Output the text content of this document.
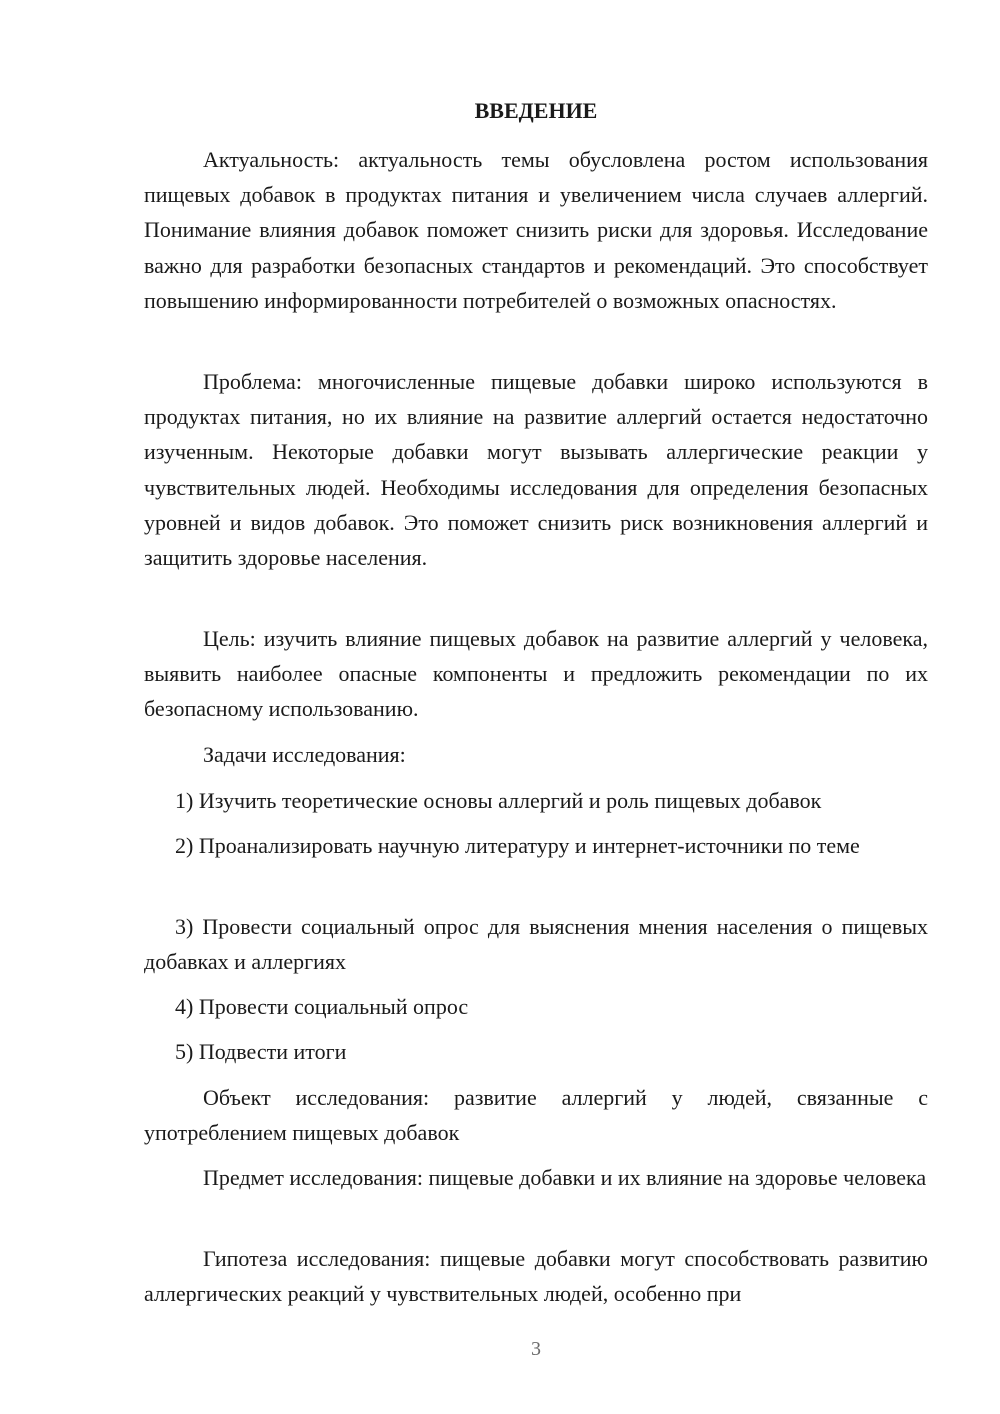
ВВЕДЕНИЕ

Актуальность: актуальность темы обусловлена ростом использования пищевых добавок в продуктах питания и увеличением числа случаев аллергий. Понимание влияния добавок поможет снизить риски для здоровья. Исследование важно для разработки безопасных стандартов и рекомендаций. Это способствует повышению информированности потребителей о возможных опасностях.

Проблема: многочисленные пищевые добавки широко используются в продуктах питания, но их влияние на развитие аллергий остается недостаточно изученным. Некоторые добавки могут вызывать аллергические реакции у чувствительных людей. Необходимы исследования для определения безопасных уровней и видов добавок. Это поможет снизить риск возникновения аллергий и защитить здоровье населения.

Цель: изучить влияние пищевых добавок на развитие аллергий у человека, выявить наиболее опасные компоненты и предложить рекомендации по их безопасному использованию.

Задачи исследования:

1) Изучить теоретические основы аллергий и роль пищевых добавок

2) Проанализировать научную литературу и интернет-источники по теме

3) Провести социальный опрос для выяснения мнения населения о пищевых добавках и аллергиях

4) Провести социальный опрос

5) Подвести итоги

Объект исследования: развитие аллергий у людей, связанные с употреблением пищевых добавок

Предмет исследования: пищевые добавки и их влияние на здоровье человека

Гипотеза исследования: пищевые добавки могут способствовать развитию аллергических реакций у чувствительных людей, особенно при

3
